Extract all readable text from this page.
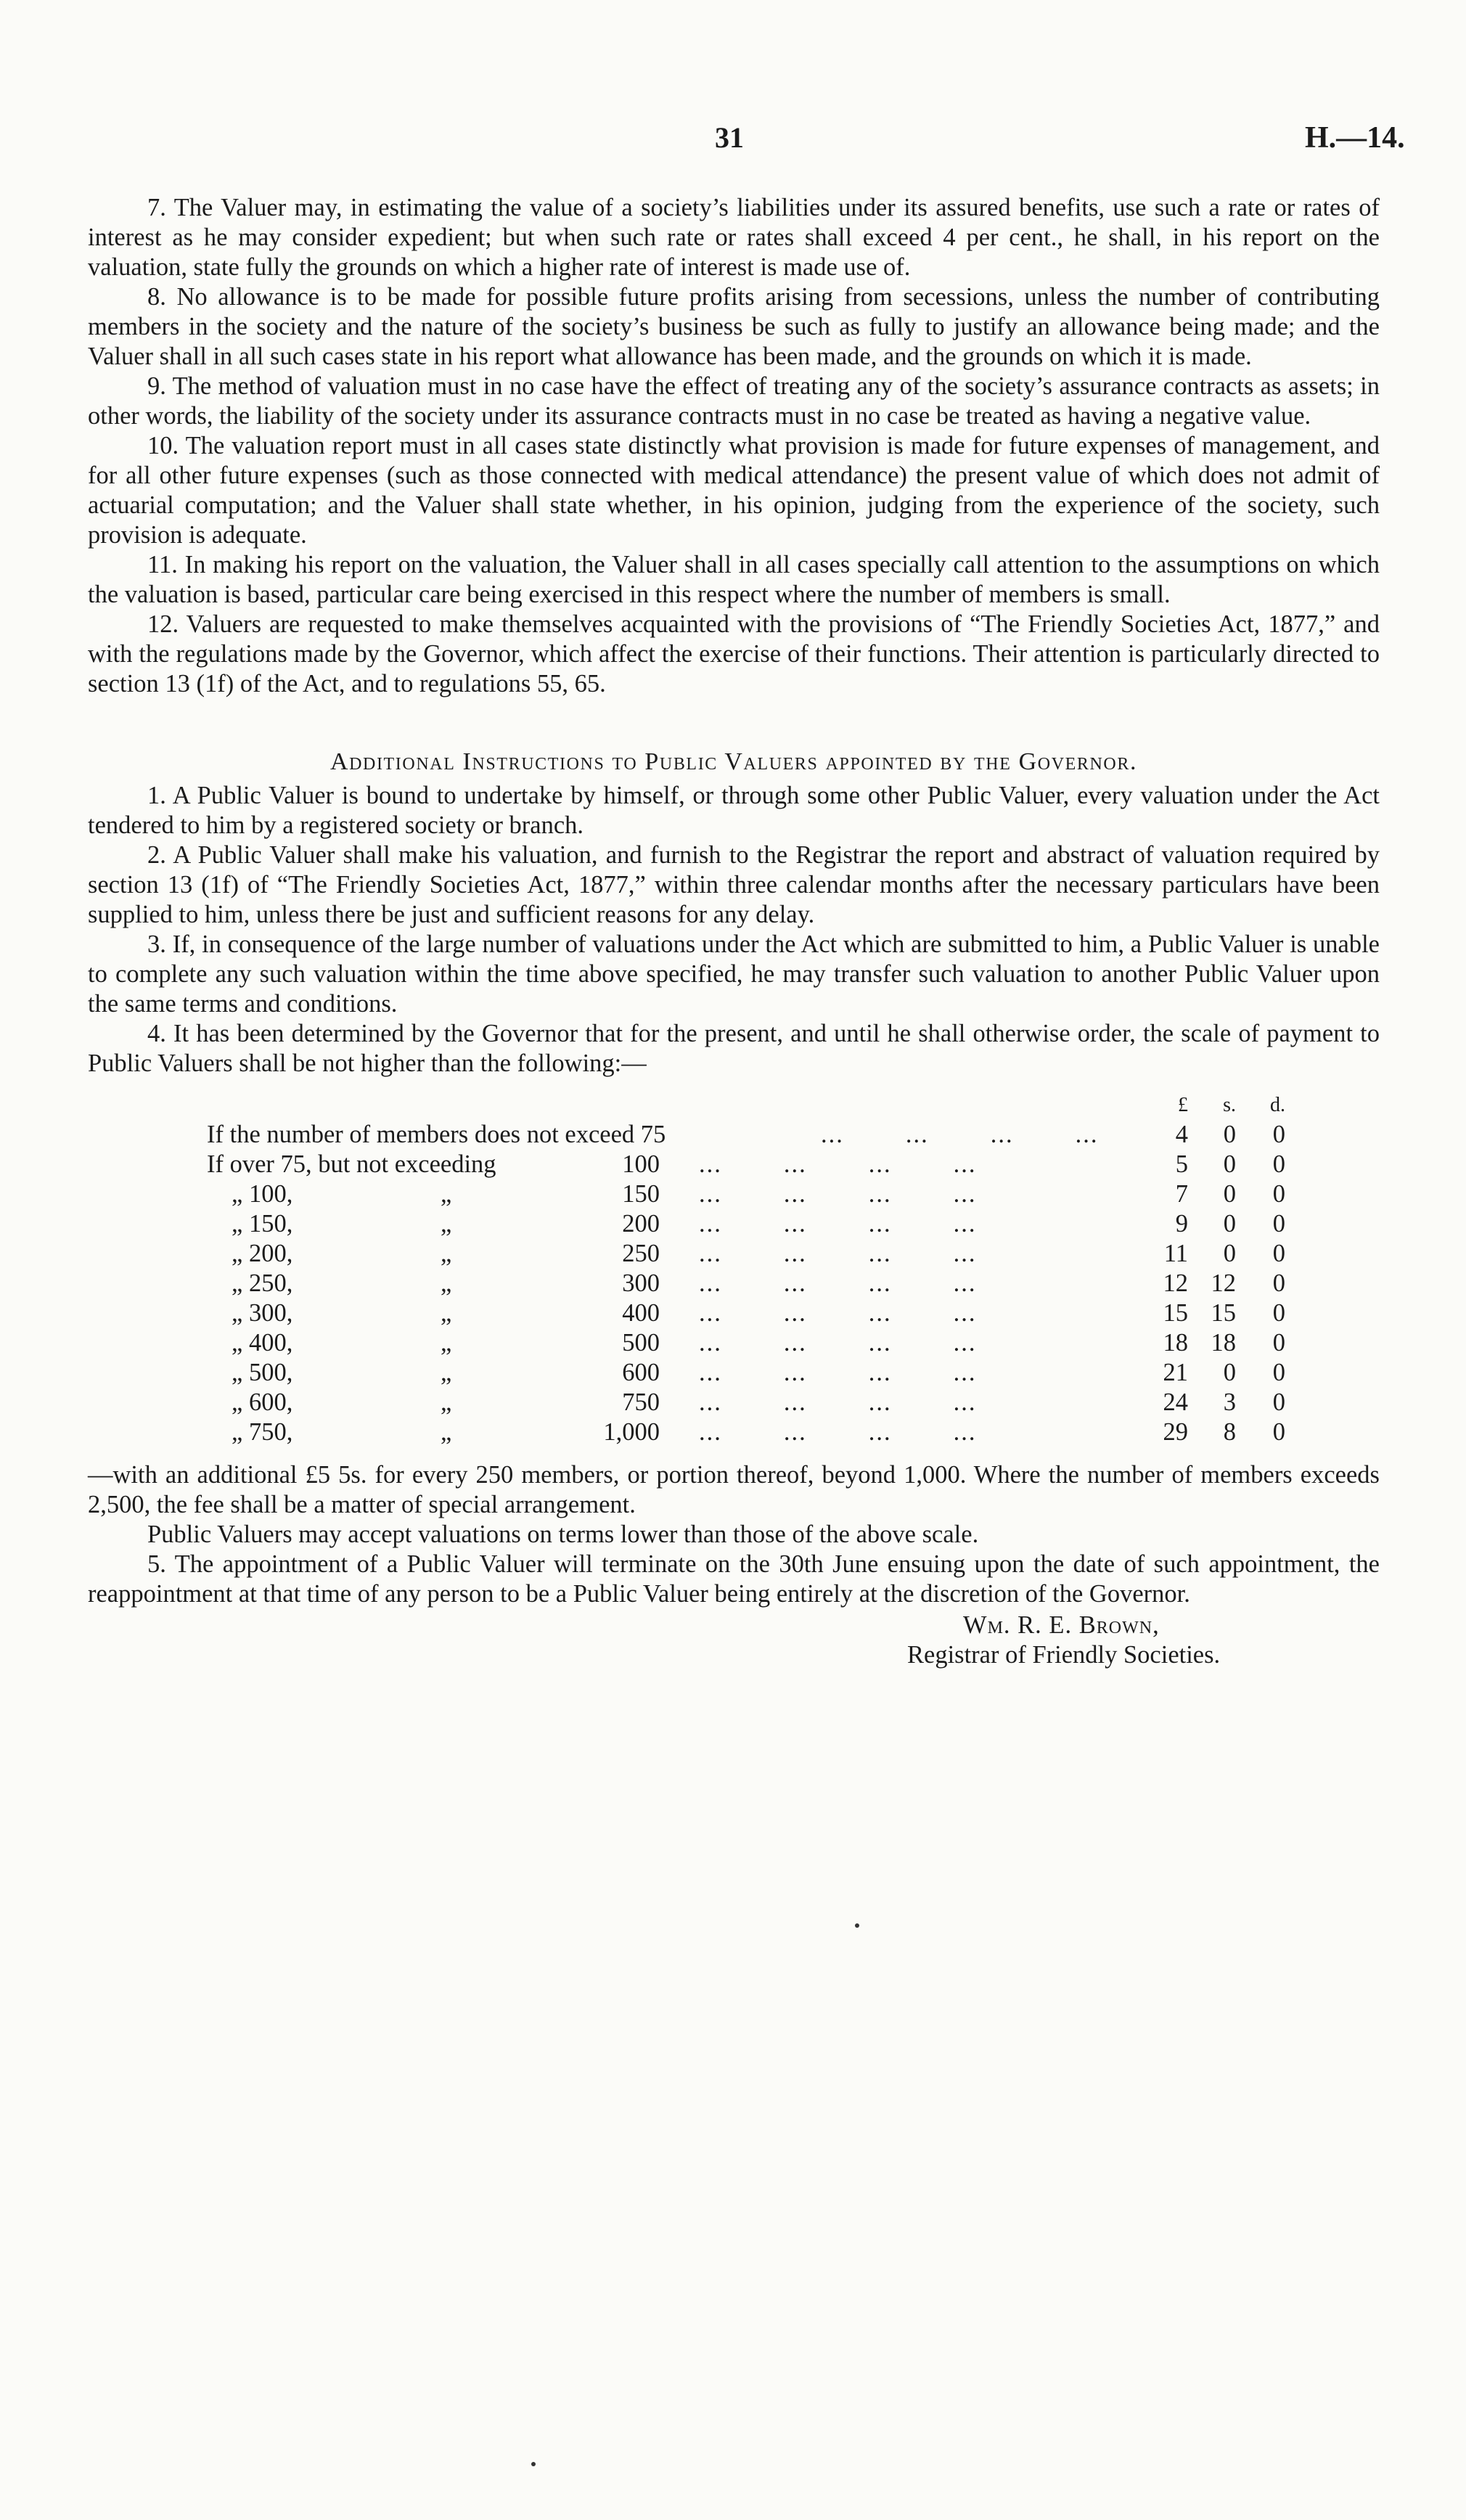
31	H.—14.

7. The Valuer may, in estimating the value of a society’s liabilities under its assured benefits, use such a rate or rates of interest as he may consider expedient; but when such rate or rates shall exceed 4 per cent., he shall, in his report on the valuation, state fully the grounds on which a higher rate of interest is made use of.

8. No allowance is to be made for possible future profits arising from secessions, unless the number of contributing members in the society and the nature of the society’s business be such as fully to justify an allowance being made; and the Valuer shall in all such cases state in his report what allowance has been made, and the grounds on which it is made.

9. The method of valuation must in no case have the effect of treating any of the society’s assurance contracts as assets; in other words, the liability of the society under its assurance contracts must in no case be treated as having a negative value.

10. The valuation report must in all cases state distinctly what provision is made for future expenses of management, and for all other future expenses (such as those connected with medical attendance) the present value of which does not admit of actuarial computation; and the Valuer shall state whether, in his opinion, judging from the experience of the society, such provision is adequate.

11. In making his report on the valuation, the Valuer shall in all cases specially call attention to the assumptions on which the valuation is based, particular care being exercised in this respect where the number of members is small.

12. Valuers are requested to make themselves acquainted with the provisions of “The Friendly Societies Act, 1877,” and with the regulations made by the Governor, which affect the exercise of their functions. Their attention is particularly directed to section 13 (1f) of the Act, and to regulations 55, 65.

Additional Instructions to Public Valuers appointed by the Governor.

1. A Public Valuer is bound to undertake by himself, or through some other Public Valuer, every valuation under the Act tendered to him by a registered society or branch.

2. A Public Valuer shall make his valuation, and furnish to the Registrar the report and abstract of valuation required by section 13 (1f) of “The Friendly Societies Act, 1877,” within three calendar months after the necessary particulars have been supplied to him, unless there be just and sufficient reasons for any delay.

3. If, in consequence of the large number of valuations under the Act which are submitted to him, a Public Valuer is unable to complete any such valuation within the time above specified, he may transfer such valuation to another Public Valuer upon the same terms and conditions.

4. It has been determined by the Governor that for the present, and until he shall otherwise order, the scale of payment to Public Valuers shall be not higher than the following:—

£	s.	d.
If the number of members does not exceed 75	...        ...        ...        ...	4	0	0
If over 75, but not exceeding	100 ...        ...        ...        ...	5	0	0
„ 100,	„	150 ...        ...        ...        ...	7	0	0
„ 150,	„	200 ...        ...        ...        ...	9	0	0
„ 200,	„	250 ...        ...        ...        ...	11	0	0
„ 250,	„	300 ...        ...        ...        ...	12 12	0
„ 300,	„	400 ...        ...        ...        ...	15 15	0
„ 400,	„	500 ...        ...        ...        ...	18 18	0
„ 500,	„	600 ...        ...        ...        ...	21	0	0
„ 600,	„	750 ...        ...        ...        ...	24	3	0
„ 750,	„	1,000 ...        ...        ...        ...	29	8	0

—with an additional £5 5s. for every 250 members, or portion thereof, beyond 1,000. Where the number of members exceeds 2,500, the fee shall be a matter of special arrangement.

Public Valuers may accept valuations on terms lower than those of the above scale.

5. The appointment of a Public Valuer will terminate on the 30th June ensuing upon the date of such appointment, the reappointment at that time of any person to be a Public Valuer being entirely at the discretion of the Governor.

Wm. R. E. Brown,
Registrar of Friendly Societies.
